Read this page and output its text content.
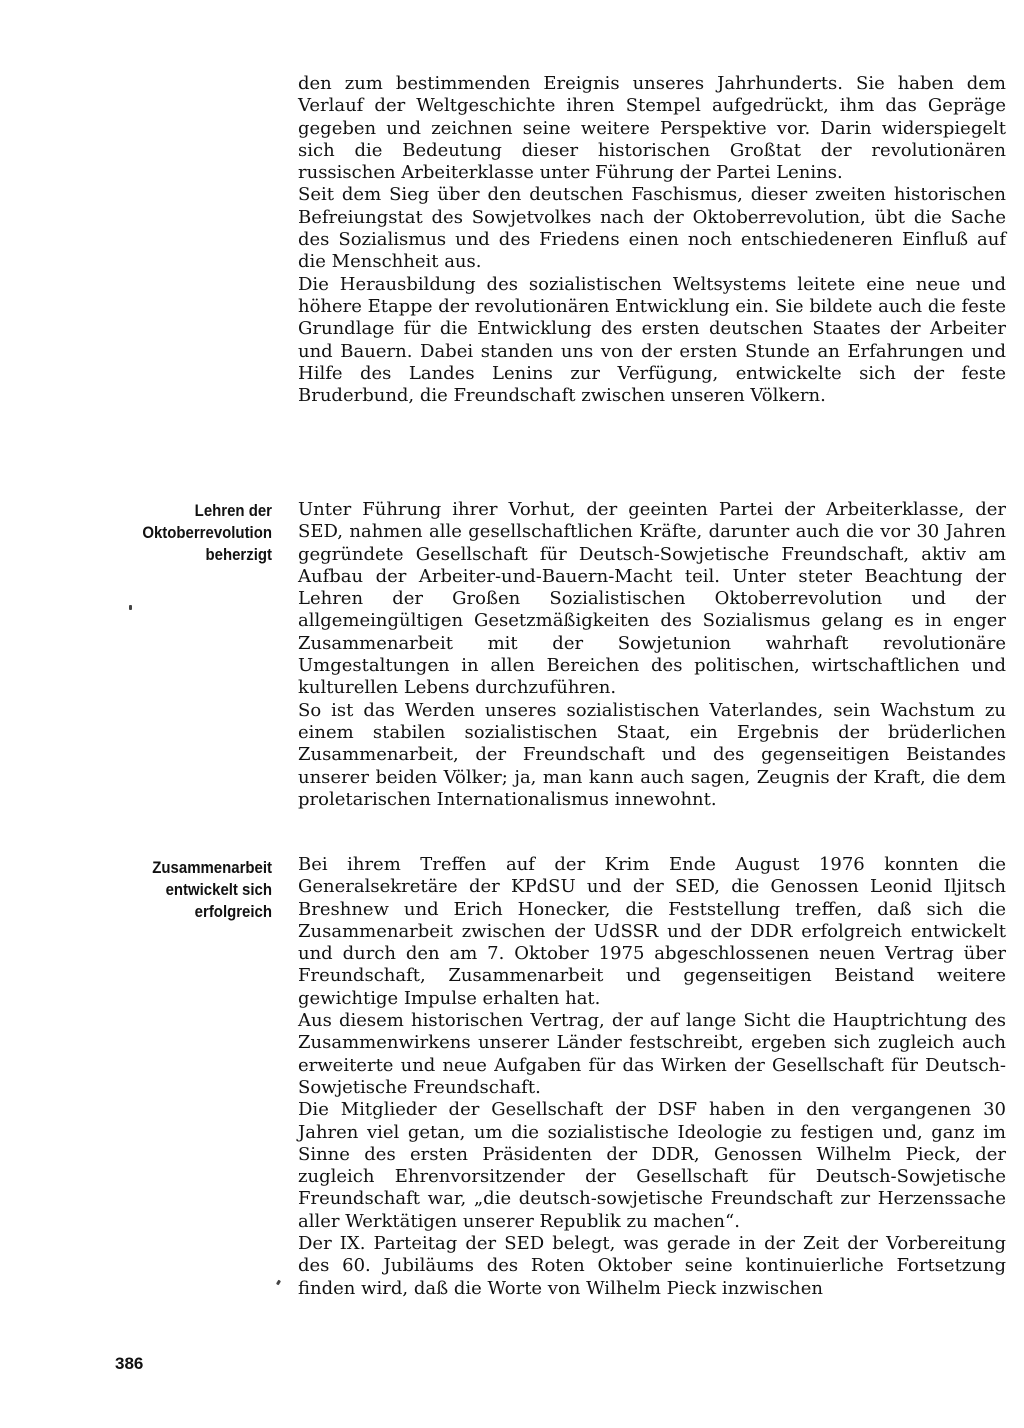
den zum bestimmenden Ereignis unseres Jahrhunderts. Sie haben dem Verlauf der Weltgeschichte ihren Stempel aufgedrückt, ihm das Gepräge gegeben und zeichnen seine weitere Perspektive vor. Darin widerspiegelt sich die Bedeutung dieser historischen Großtat der revolutionären russischen Arbeiterklasse unter Führung der Partei Lenins.

Seit dem Sieg über den deutschen Faschismus, dieser zweiten historischen Befreiungstat des Sowjetvolkes nach der Oktoberrevolution, übt die Sache des Sozialismus und des Friedens einen noch entschiedeneren Einfluß auf die Menschheit aus.

Die Herausbildung des sozialistischen Weltsystems leitete eine neue und höhere Etappe der revolutionären Entwicklung ein. Sie bildete auch die feste Grundlage für die Entwicklung des ersten deutschen Staates der Arbeiter und Bauern. Dabei standen uns von der ersten Stunde an Erfahrungen und Hilfe des Landes Lenins zur Verfügung, entwickelte sich der feste Bruderbund, die Freundschaft zwischen unseren Völkern.

Lehren der
Oktoberrevolution
beherzigt

Unter Führung ihrer Vorhut, der geeinten Partei der Arbeiterklasse, der SED, nahmen alle gesellschaftlichen Kräfte, darunter auch die vor 30 Jahren gegründete Gesellschaft für Deutsch-Sowjetische Freundschaft, aktiv am Aufbau der Arbeiter-und-Bauern-Macht teil. Unter steter Beachtung der Lehren der Großen Sozialistischen Oktoberrevolution und der allgemeingültigen Gesetzmäßigkeiten des Sozialismus gelang es in enger Zusammenarbeit mit der Sowjetunion wahrhaft revolutionäre Umgestaltungen in allen Bereichen des politischen, wirtschaftlichen und kulturellen Lebens durchzuführen.

So ist das Werden unseres sozialistischen Vaterlandes, sein Wachstum zu einem stabilen sozialistischen Staat, ein Ergebnis der brüderlichen Zusammenarbeit, der Freundschaft und des gegenseitigen Beistandes unserer beiden Völker; ja, man kann auch sagen, Zeugnis der Kraft, die dem proletarischen Internationalismus innewohnt.

Zusammenarbeit
entwickelt sich
erfolgreich

Bei ihrem Treffen auf der Krim Ende August 1976 konnten die Generalsekretäre der KPdSU und der SED, die Genossen Leonid Iljitsch Breshnew und Erich Honecker, die Feststellung treffen, daß sich die Zusammenarbeit zwischen der UdSSR und der DDR erfolgreich entwickelt und durch den am 7. Oktober 1975 abgeschlossenen neuen Vertrag über Freundschaft, Zusammenarbeit und gegenseitigen Beistand weitere gewichtige Impulse erhalten hat.

Aus diesem historischen Vertrag, der auf lange Sicht die Hauptrichtung des Zusammenwirkens unserer Länder festschreibt, ergeben sich zugleich auch erweiterte und neue Aufgaben für das Wirken der Gesellschaft für Deutsch-Sowjetische Freundschaft.

Die Mitglieder der Gesellschaft der DSF haben in den vergangenen 30 Jahren viel getan, um die sozialistische Ideologie zu festigen und, ganz im Sinne des ersten Präsidenten der DDR, Genossen Wilhelm Pieck, der zugleich Ehrenvorsitzender der Gesellschaft für Deutsch-Sowjetische Freundschaft war, „die deutsch-sowjetische Freundschaft zur Herzenssache aller Werktätigen unserer Republik zu machen“.

Der IX. Parteitag der SED belegt, was gerade in der Zeit der Vorbereitung des 60. Jubiläums des Roten Oktober seine kontinuierliche Fortsetzung finden wird, daß die Worte von Wilhelm Pieck inzwischen

386
